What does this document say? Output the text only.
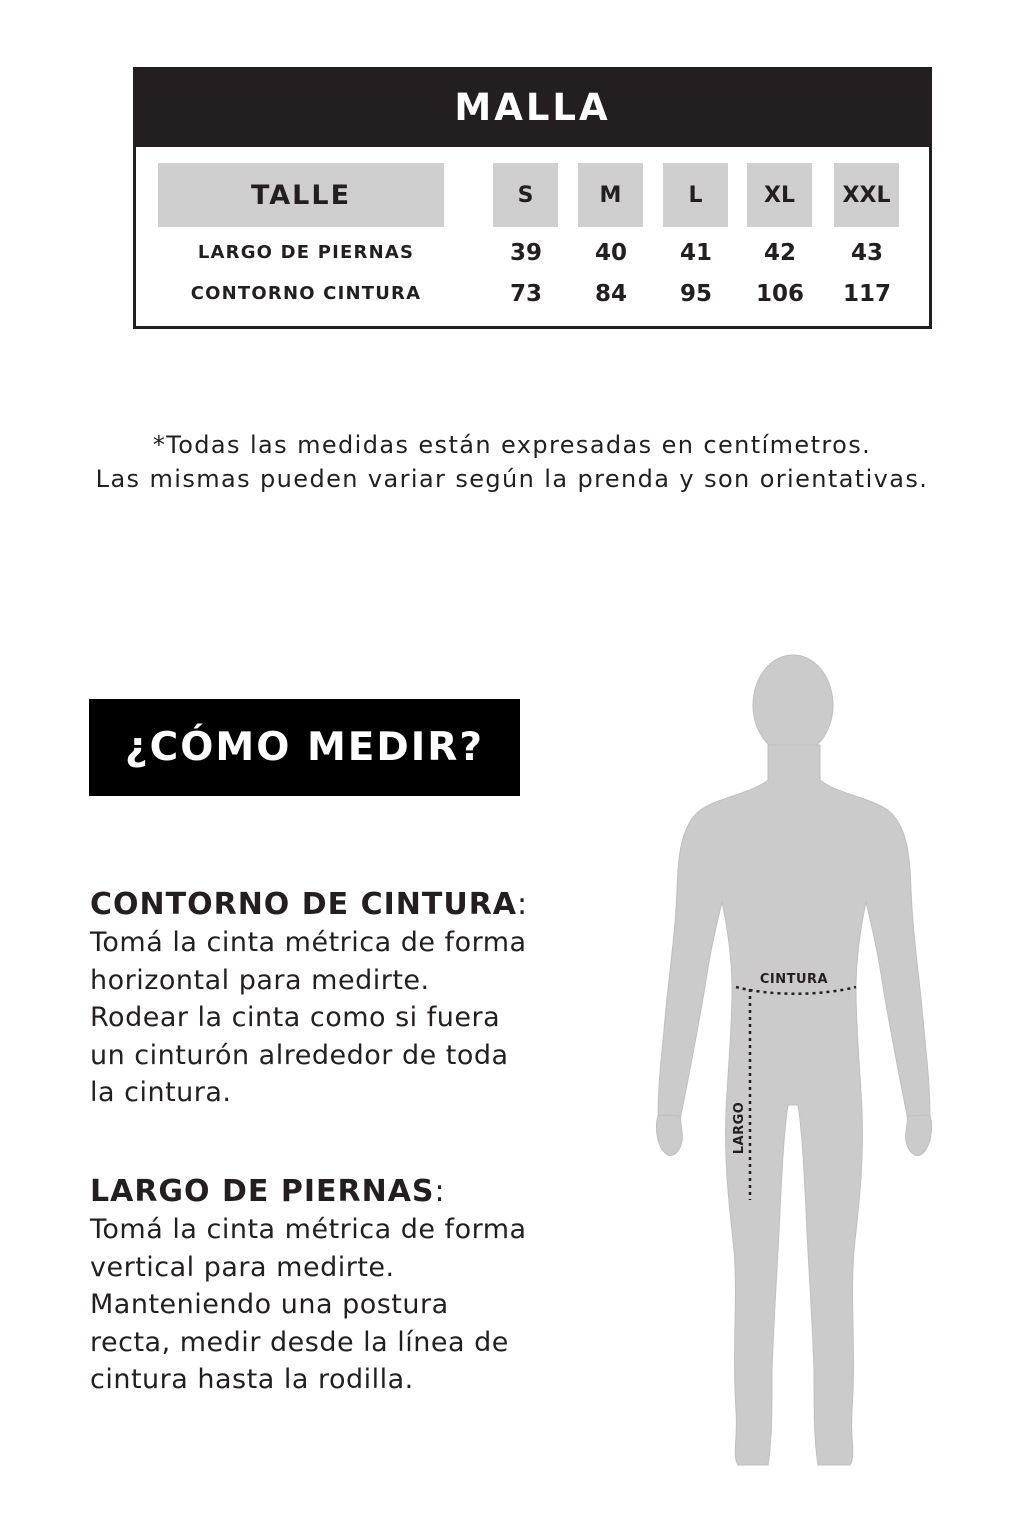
MALLA
TALLE	S	M	L	XL	XXL
LARGO DE PIERNAS	39	40	41	42	43
CONTORNO CINTURA	73	84	95	106	117
*Todas las medidas están expresadas en centímetros.
Las mismas pueden variar según la prenda y son orientativas.
¿CÓMO MEDIR?
CONTORNO DE CINTURA:

Tomá la cinta métrica de forma

horizontal para medirte.

Rodear la cinta como si fuera

un cinturón alrededor de toda

la cintura.

LARGO DE PIERNAS:

Tomá la cinta métrica de forma

vertical para medirte.

Manteniendo una postura

recta, medir desde la línea de

cintura hasta la rodilla.

CINTURA
LARGO
